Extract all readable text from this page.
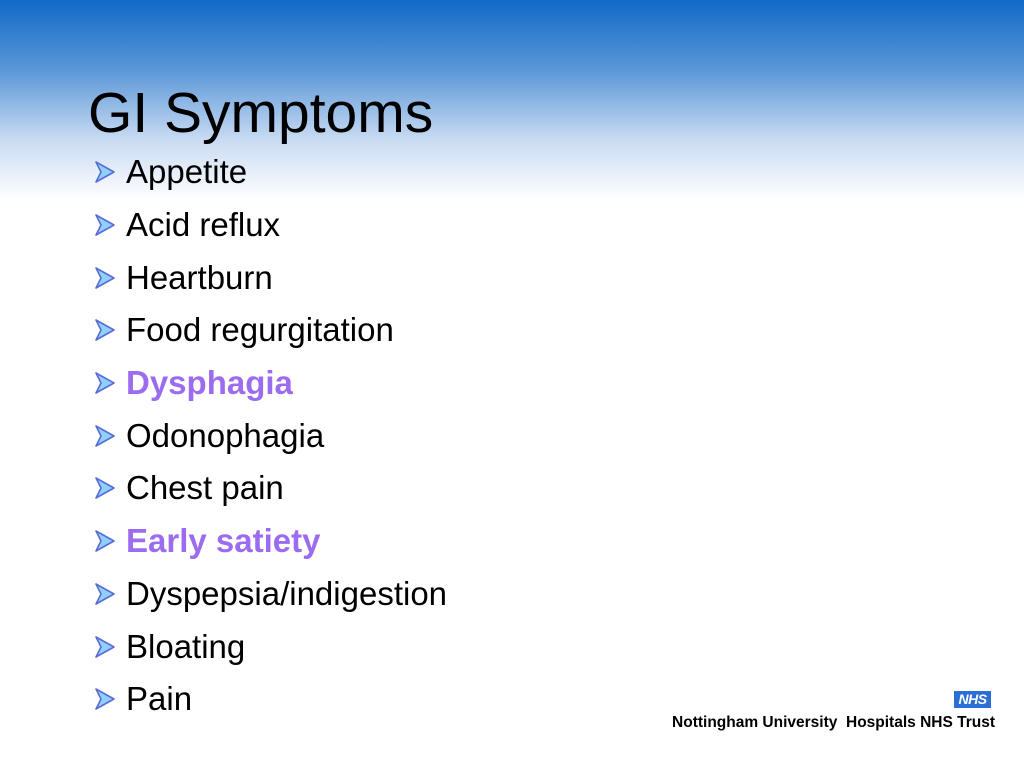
GI Symptoms
Appetite
Acid reflux
Heartburn
Food regurgitation
Dysphagia
Odonophagia
Chest pain
Early satiety
Dyspepsia/indigestion
Bloating
Pain	NHS
Nottingham University  Hospitals NHS Trust
